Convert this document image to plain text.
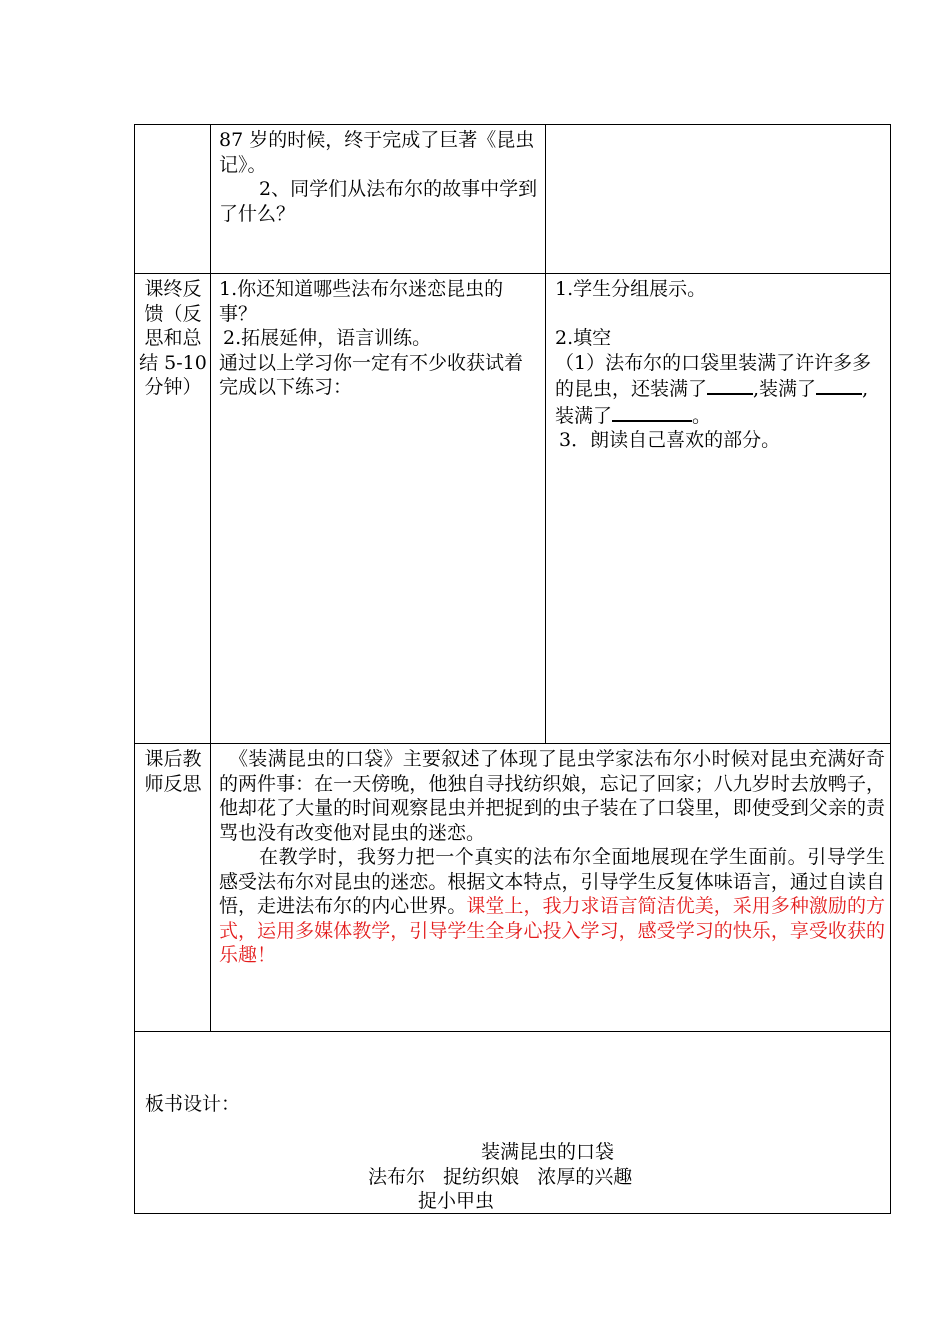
87 岁的时候，终于完成了巨著《昆虫记》。

2、同学们从法布尔的故事中学到了什么？

课终反馈（反思和总结 5-10 分钟）

1.你还知道哪些法布尔迷恋昆虫的事？

2.拓展延伸，语言训练。

通过以上学习你一定有不少收获试着完成以下练习：

1.学生分组展示。

2.填空

（1）法布尔的口袋里装满了许许多多的昆虫，还装满了 ,装满了 ,装满了	。

3．朗读自己喜欢的部分。

课后教师反思

《装满昆虫的口袋》主要叙述了体现了昆虫学家法布尔小时候对昆虫充满好奇的两件事：在一天傍晚，他独自寻找纺织娘，忘记了回家；八九岁时去放鸭子，他却花了大量的时间观察昆虫并把捉到的虫子装在了口袋里，即使受到父亲的责骂也没有改变他对昆虫的迷恋。

在教学时，我努力把一个真实的法布尔全面地展现在学生面前。引导学生感受法布尔对昆虫的迷恋。根据文本特点，引导学生反复体味语言，通过自读自悟，走进法布尔的内心世界。课堂上，我力求语言简洁优美，采用多种激励的方式，运用多媒体教学，引导学生全身心投入学习，感受学习的快乐，享受收获的乐趣！

板书设计：
装满昆虫的口袋
法布尔   捉纺织娘   浓厚的兴趣
捉小甲虫
